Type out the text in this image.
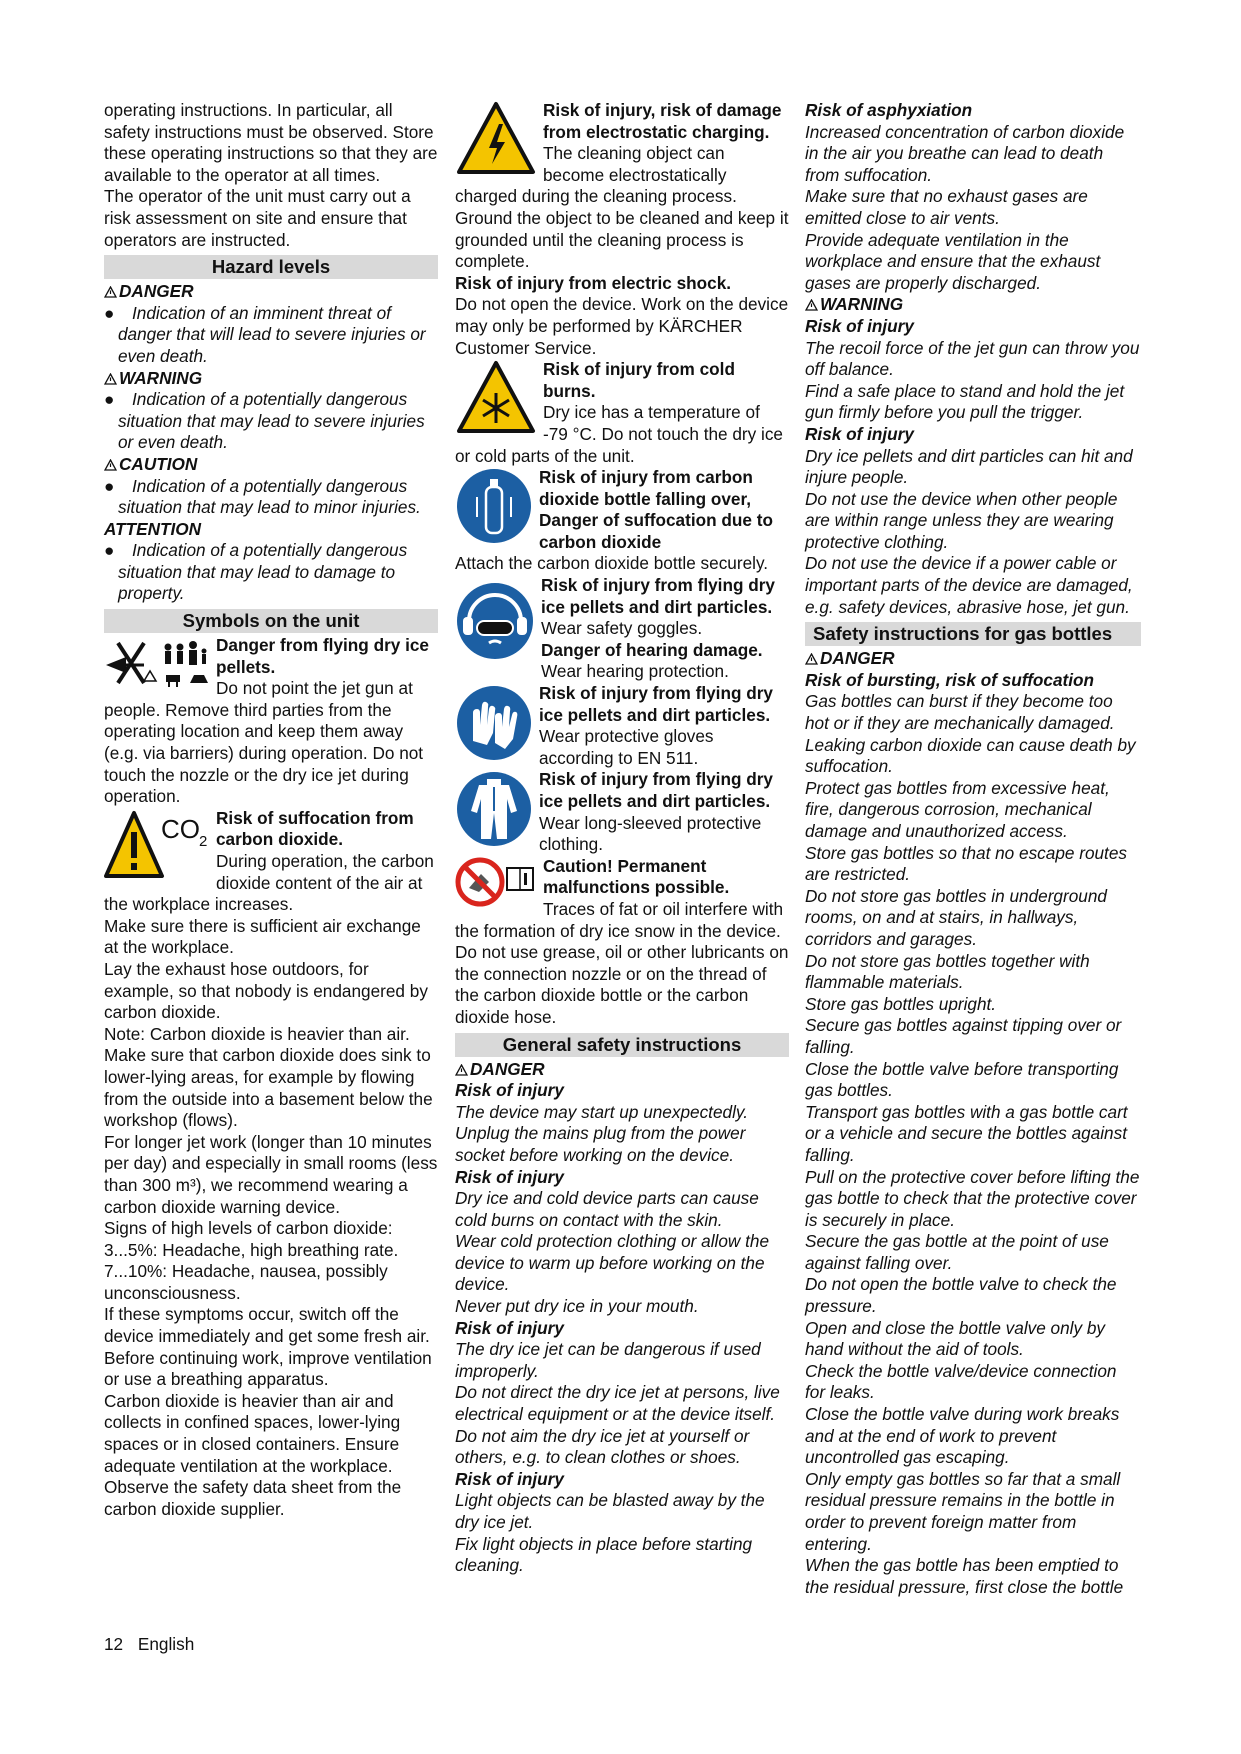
operating instructions. In particular, all safety instructions must be observed. Store these operating instructions so that they are available to the operator at all times.

The operator of the unit must carry out a risk assessment on site and ensure that operators are instructed.

Hazard levels

DANGER

●	Indication of an imminent threat of danger that will lead to severe injuries or even death.

WARNING

●	Indication of a potentially dangerous situation that may lead to severe injuries or even death.

CAUTION

●	Indication of a potentially dangerous situation that may lead to minor injuries.

ATTENTION

●	Indication of a potentially dangerous situation that may lead to damage to property.
Symbols on the unit

Danger from flying dry ice pellets.

Do not point the jet gun at people. Remove third parties from the operating location and keep them away (e.g. via barriers) during operation. Do not touch the nozzle or the dry ice jet during operation.

CO 2

Risk of suffocation from carbon dioxide.

During operation, the carbon dioxide content of the air at the workplace increases.

Make sure there is sufficient air exchange at the workplace.

Lay the exhaust hose outdoors, for example, so that nobody is endangered by carbon dioxide.

Note: Carbon dioxide is heavier than air. Make sure that carbon dioxide does sink to lower-lying areas, for example by flowing from the outside into a basement below the workshop (flows).

For longer jet work (longer than 10 minutes per day) and especially in small rooms (less than 300 m³), we recommend wearing a carbon dioxide warning device.

Signs of high levels of carbon dioxide:

3...5%: Headache, high breathing rate.

7...10%: Headache, nausea, possibly unconsciousness.

If these symptoms occur, switch off the device immediately and get some fresh air. Before continuing work, improve ventilation or use a breathing apparatus.

Carbon dioxide is heavier than air and collects in confined spaces, lower-lying spaces or in closed containers. Ensure adequate ventilation at the workplace.

Observe the safety data sheet from the carbon dioxide supplier.

Risk of injury, risk of damage from electrostatic charging.

The cleaning object can become electrostatically charged during the cleaning process. Ground the object to be cleaned and keep it grounded until the cleaning process is complete.

Risk of injury from electric shock.

Do not open the device. Work on the device may only be performed by KÄRCHER Customer Service.

Risk of injury from cold burns.

Dry ice has a temperature of -79 °C. Do not touch the dry ice or cold parts of the unit.

Risk of injury from carbon dioxide bottle falling over, Danger of suffocation due to carbon dioxide

Attach the carbon dioxide bottle securely.

Risk of injury from flying dry ice pellets and dirt particles.

Wear safety goggles.

Danger of hearing damage.

Wear hearing protection.

Risk of injury from flying dry ice pellets and dirt particles.

Wear protective gloves according to EN 511.

Risk of injury from flying dry ice pellets and dirt particles.

Wear long-sleeved protective clothing.

Caution! Permanent malfunctions possible.

Traces of fat or oil interfere with the formation of dry ice snow in the device. Do not use grease, oil or other lubricants on the connection nozzle or on the thread of the carbon dioxide bottle or the carbon dioxide hose.

General safety instructions

DANGER

Risk of injury

The device may start up unexpectedly. Unplug the mains plug from the power socket before working on the device.

Risk of injury

Dry ice and cold device parts can cause cold burns on contact with the skin.

Wear cold protection clothing or allow the device to warm up before working on the device.

Never put dry ice in your mouth.

Risk of injury

The dry ice jet can be dangerous if used improperly.

Do not direct the dry ice jet at persons, live electrical equipment or at the device itself.

Do not aim the dry ice jet at yourself or others, e.g. to clean clothes or shoes.

Risk of injury

Light objects can be blasted away by the dry ice jet.

Fix light objects in place before starting cleaning.

Risk of asphyxiation

Increased concentration of carbon dioxide in the air you breathe can lead to death from suffocation.

Make sure that no exhaust gases are emitted close to air vents.

Provide adequate ventilation in the workplace and ensure that the exhaust gases are properly discharged.

WARNING

Risk of injury

The recoil force of the jet gun can throw you off balance.

Find a safe place to stand and hold the jet gun firmly before you pull the trigger.

Risk of injury

Dry ice pellets and dirt particles can hit and injure people.

Do not use the device when other people are within range unless they are wearing protective clothing.

Do not use the device if a power cable or important parts of the device are damaged, e.g. safety devices, abrasive hose, jet gun.

Safety instructions for gas bottles

DANGER

Risk of bursting, risk of suffocation

Gas bottles can burst if they become too hot or if they are mechanically damaged.

Leaking carbon dioxide can cause death by suffocation.

Protect gas bottles from excessive heat, fire, dangerous corrosion, mechanical damage and unauthorized access.

Store gas bottles so that no escape routes are restricted.

Do not store gas bottles in underground rooms, on and at stairs, in hallways, corridors and garages.

Do not store gas bottles together with flammable materials.

Store gas bottles upright.

Secure gas bottles against tipping over or falling.

Close the bottle valve before transporting gas bottles.

Transport gas bottles with a gas bottle cart or a vehicle and secure the bottles against falling.

Pull on the protective cover before lifting the gas bottle to check that the protective cover is securely in place.

Secure the gas bottle at the point of use against falling over.

Do not open the bottle valve to check the pressure.

Open and close the bottle valve only by hand without the aid of tools.

Check the bottle valve/device connection for leaks.

Close the bottle valve during work breaks and at the end of work to prevent uncontrolled gas escaping.

Only empty gas bottles so far that a small residual pressure remains in the bottle in order to prevent foreign matter from entering.

When the gas bottle has been emptied to the residual pressure, first close the bottle

12 English
